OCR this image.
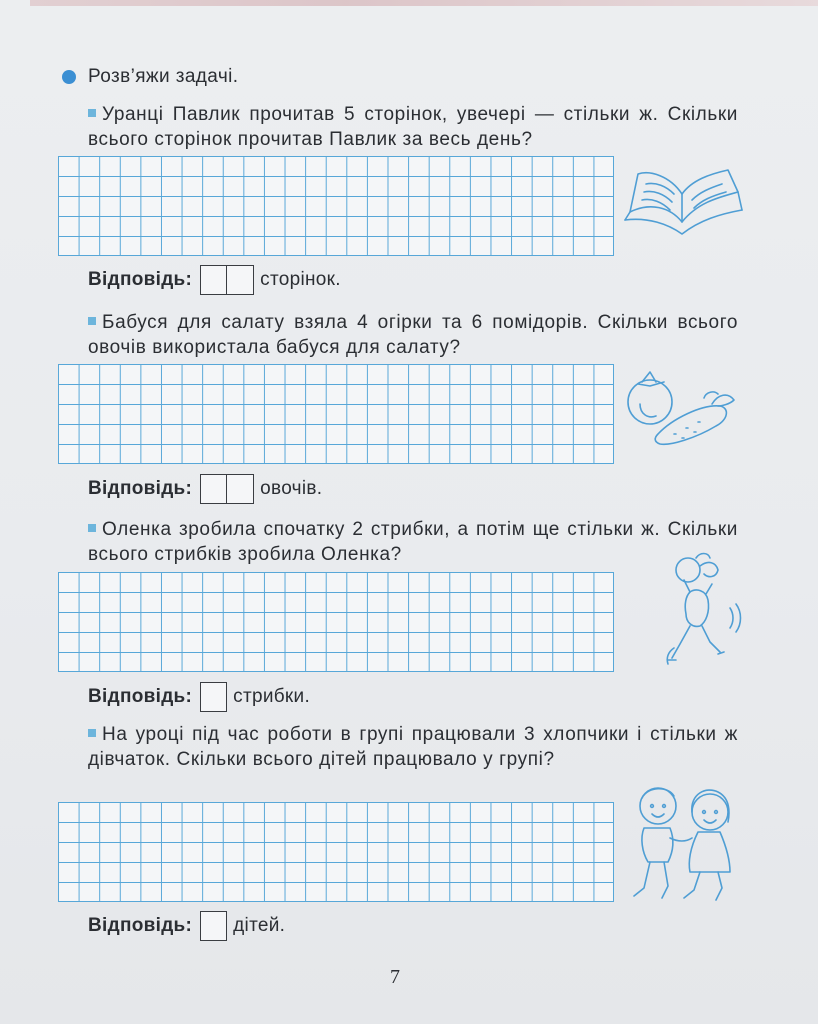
Розв’яжи задачі.
Уранці Павлик прочитав 5 сторінок, увечері — стільки ж. Скільки всього сторінок прочитав Павлик за весь день?
Відповідь:	сторінок.
Бабуся для салату взяла 4 огірки та 6 помідорів. Скільки всього овочів використала бабуся для салату?
Відповідь:	овочів.
Оленка зробила спочатку 2 стрибки, а потім ще стільки ж. Скільки всього стрибків зробила Оленка?
Відповідь: стрибки.
На уроці під час роботи в групі працювали 3 хлопчики і стільки ж дівчаток. Скільки всього дітей працювало у групі?
Відповідь: дітей.
7
